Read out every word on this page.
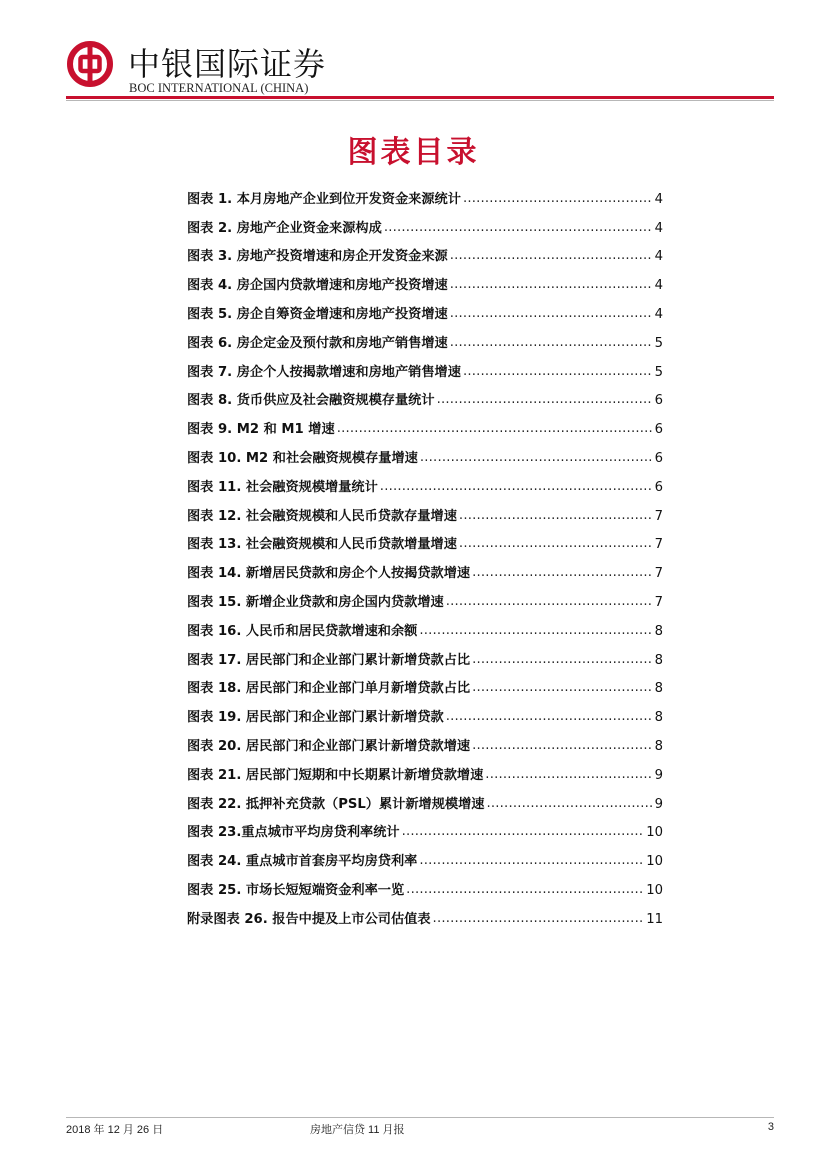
中银国际证券
BOC INTERNATIONAL (CHINA)
图表目录
图表 1. 本月房地产企业到位开发资金来源统计 .....	4
图表 2. 房地产企业资金来源构成 .....	4
图表 3. 房地产投资增速和房企开发资金来源 .....	4
图表 4. 房企国内贷款增速和房地产投资增速 .....	4
图表 5. 房企自筹资金增速和房地产投资增速 .....	4
图表 6. 房企定金及预付款和房地产销售增速 .....	5
图表 7. 房企个人按揭款增速和房地产销售增速 .....	5
图表 8. 货币供应及社会融资规模存量统计 .....	6
图表 9. M2 和 M1 增速 .....	6
图表 10. M2 和社会融资规模存量增速 .....	6
图表 11. 社会融资规模增量统计 .....	6
图表 12. 社会融资规模和人民币贷款存量增速 .....	7
图表 13. 社会融资规模和人民币贷款增量增速 .....	7
图表 14. 新增居民贷款和房企个人按揭贷款增速 .....	7
图表 15. 新增企业贷款和房企国内贷款增速 .....	7
图表 16. 人民币和居民贷款增速和余额 .....	8
图表 17. 居民部门和企业部门累计新增贷款占比 .....	8
图表 18. 居民部门和企业部门单月新增贷款占比 .....	8
图表 19. 居民部门和企业部门累计新增贷款 .....	8
图表 20. 居民部门和企业部门累计新增贷款增速 .....	8
图表 21. 居民部门短期和中长期累计新增贷款增速 .....	9
图表 22. 抵押补充贷款（PSL）累计新增规模增速 .....	9
图表 23.重点城市平均房贷利率统计 .....	10
图表 24. 重点城市首套房平均房贷利率 .....	10
图表 25. 市场长短短端资金利率一览 .....	10
附录图表 26. 报告中提及上市公司估值表 .....	11
2018 年 12 月 26 日	房地产信贷 11 月报	3
